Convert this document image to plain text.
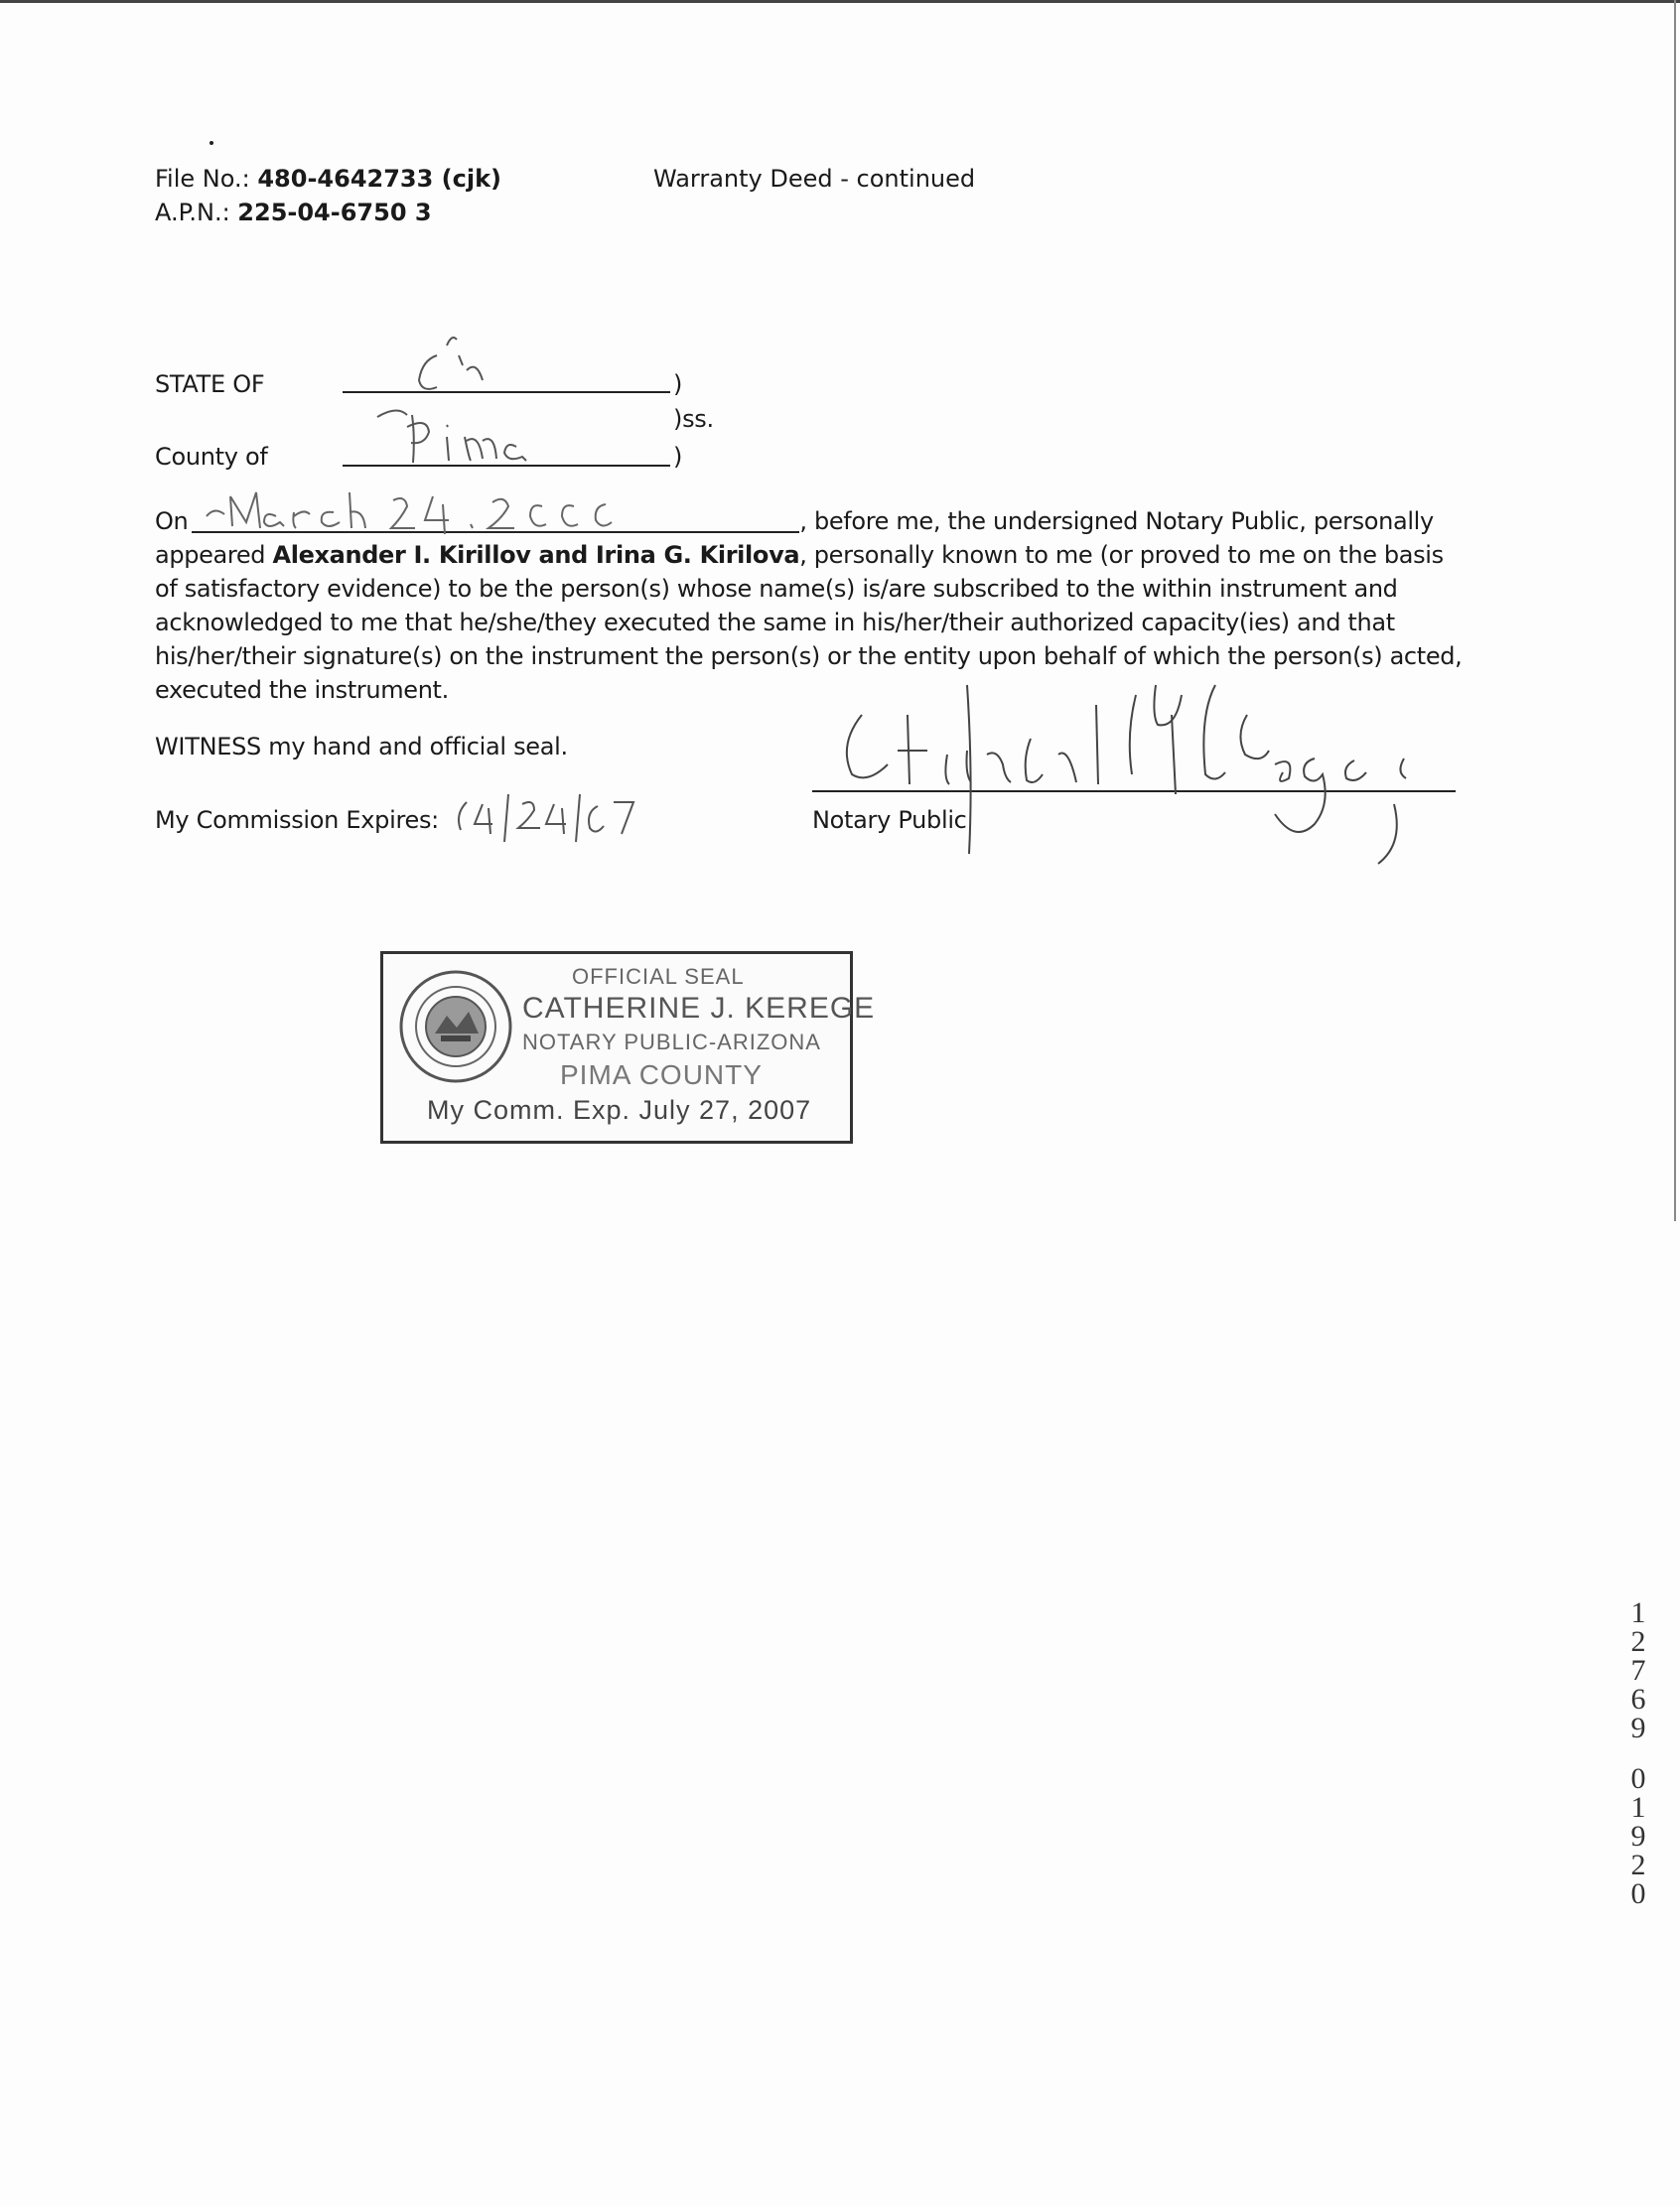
File No.: 480-4642733 (cjk)
A.P.N.: 225-04-6750 3
Warranty Deed - continued
STATE OF	)
)ss.
County of	)
Az
Pima

On	, before me, the undersigned Notary Public, personally

appeared Alexander I. Kirillov and Irina G. Kirilova, personally known to me (or proved to me on the basis

of satisfactory evidence) to be the person(s) whose name(s) is/are subscribed to the within instrument and

acknowledged to me that he/she/they executed the same in his/her/their authorized capacity(ies) and that

his/her/their signature(s) on the instrument the person(s) or the entity upon behalf of which the person(s) acted,

executed the instrument.

March 24, 2006
WITNESS my hand and official seal.
My Commission Expires:
07/27/07
Notary Public
Catherine J. Kerege
OFFICIAL SEAL
CATHERINE J. KEREGE
NOTARY PUBLIC-ARIZONA
PIMA COUNTY
My Comm. Exp. July 27, 2007
1
2
7
6
9
0
1
9
2
0
